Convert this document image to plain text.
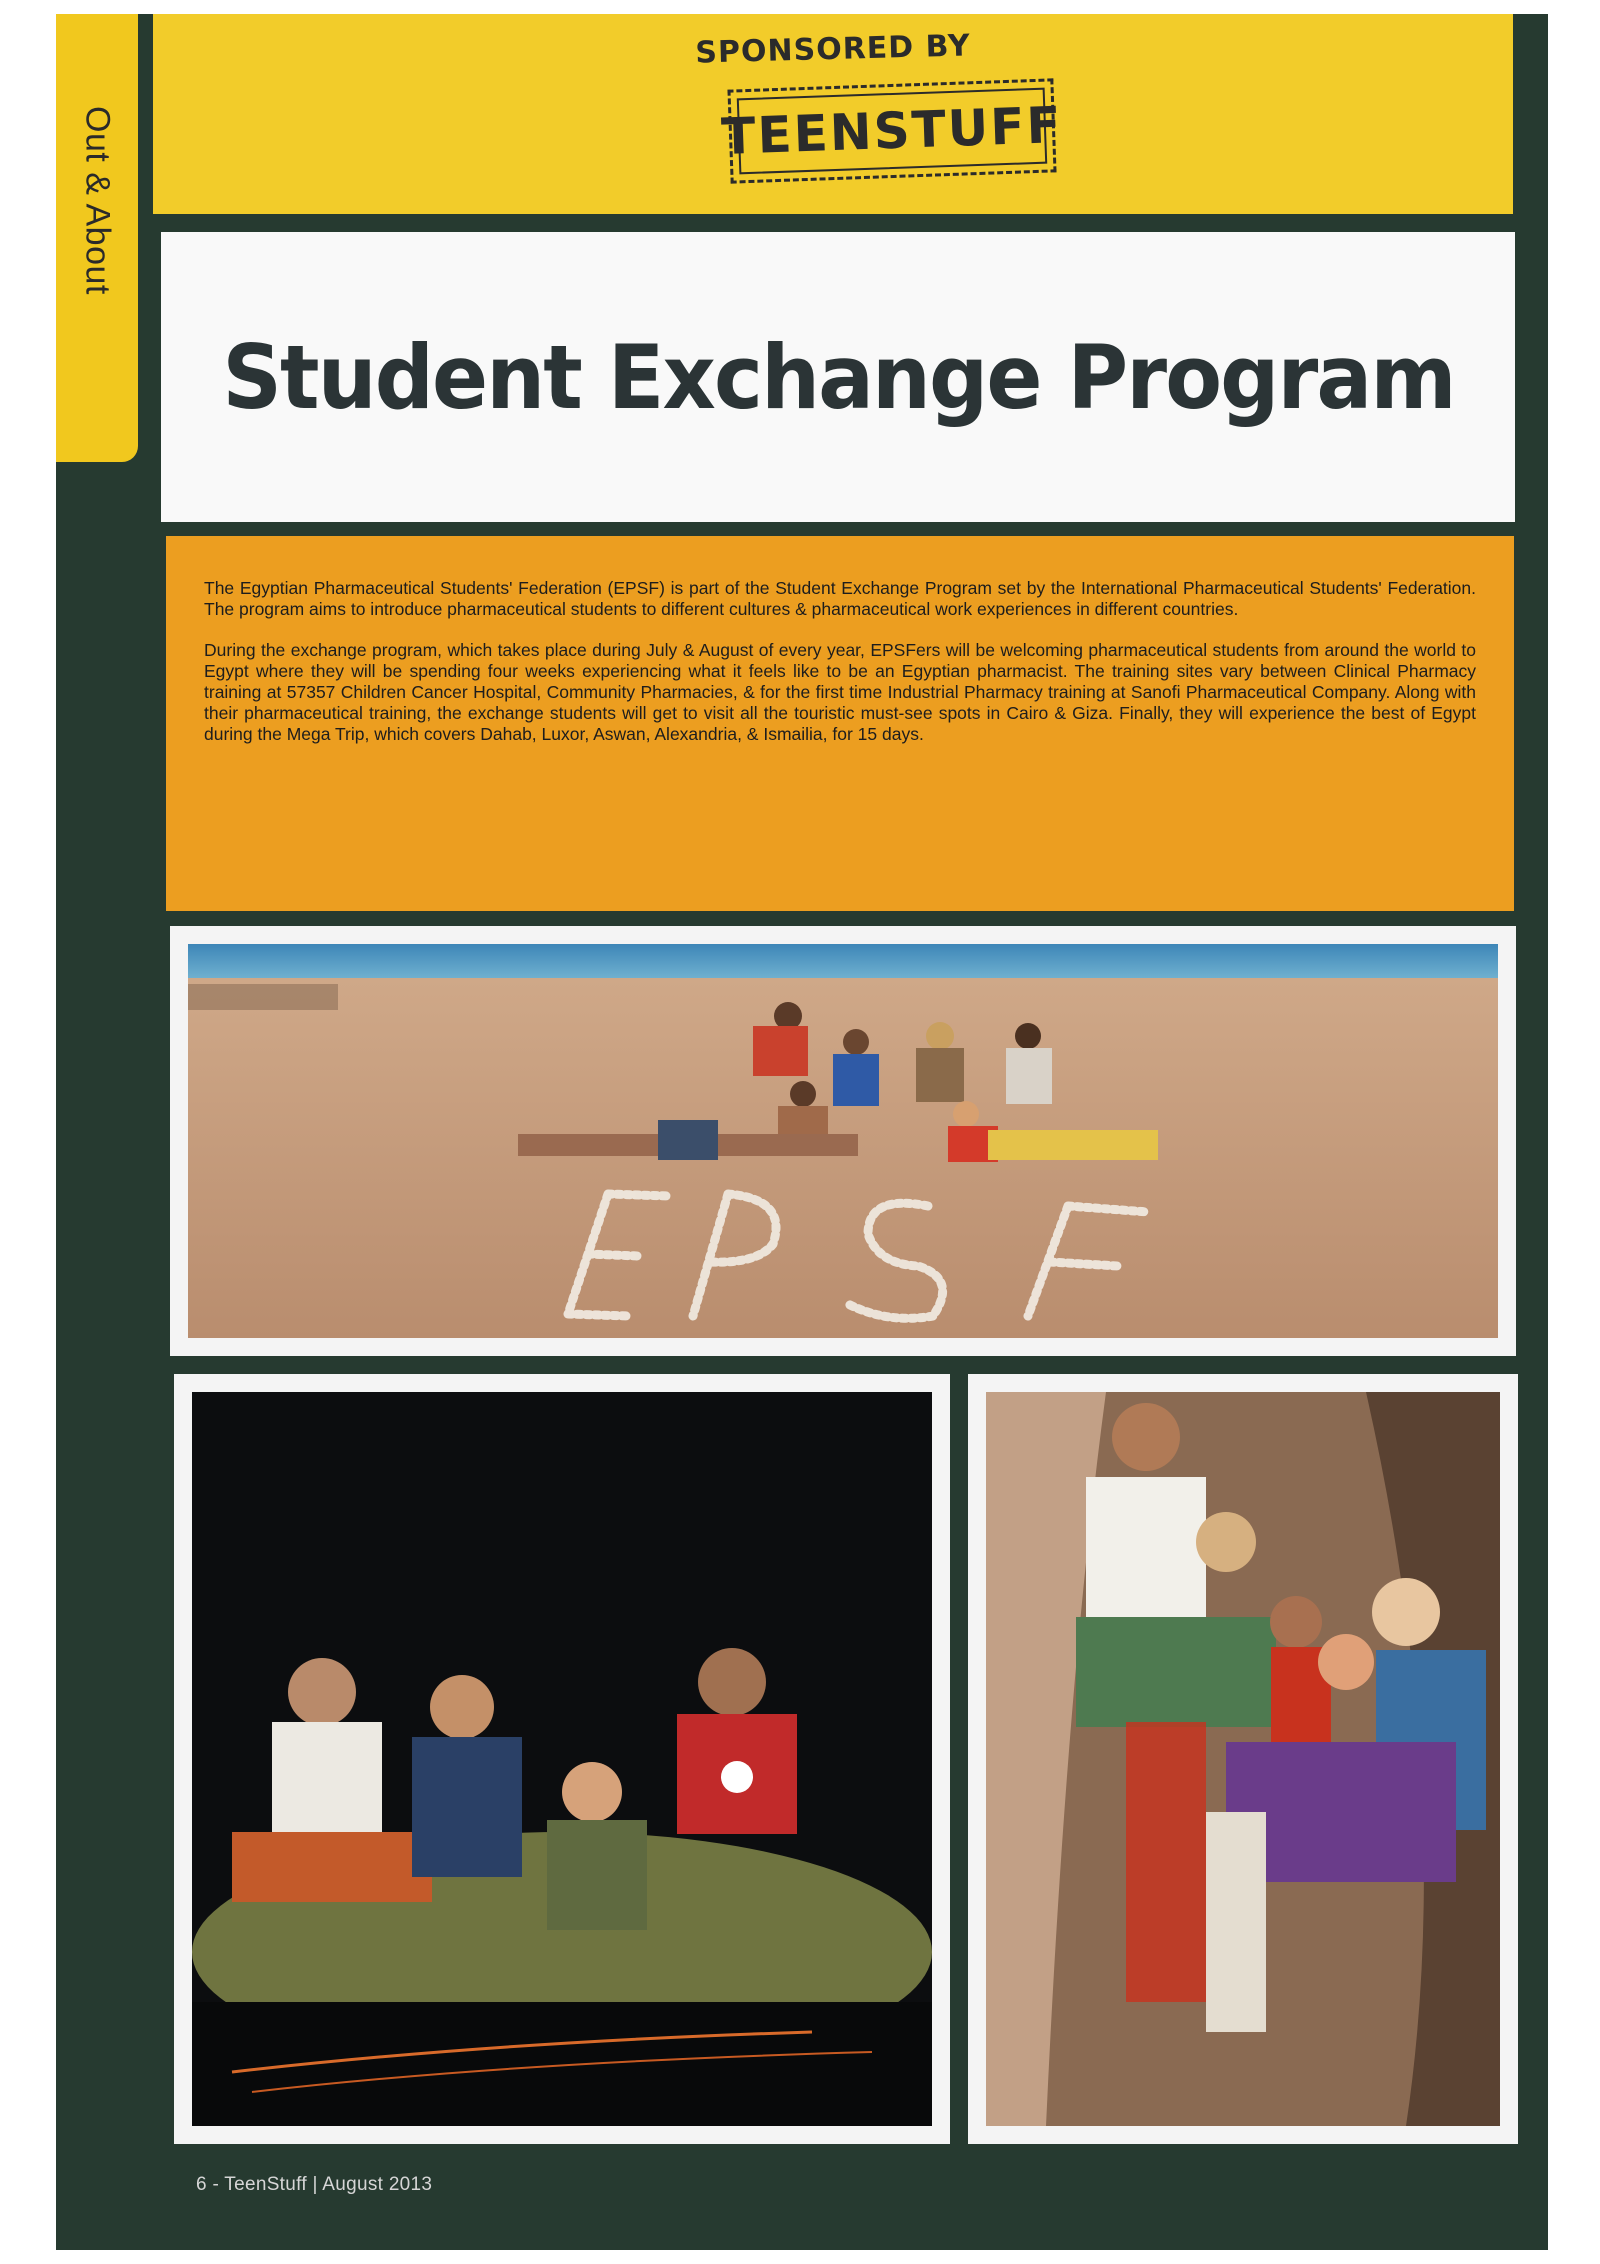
Out & About
SPONSORED BY
TEENSTUFF
Student Exchange Program

The Egyptian Pharmaceutical Students' Federation (EPSF) is part of the Student Exchange Program set by the International Pharmaceutical Students' Federation. The program aims to introduce pharmaceutical students to different cultures & pharmaceutical work experiences in different countries.

During the exchange program, which takes place during July & August of every year, EPSFers will be welcoming pharmaceutical students from around the world to Egypt where they will be spending four weeks experiencing what it feels like to be an Egyptian pharmacist. The training sites vary between Clinical Pharmacy training at 57357 Children Cancer Hospital, Community Pharmacies, & for the first time Industrial Pharmacy training at Sanofi Pharmaceutical Company. Along with their pharmaceutical training, the exchange students will get to visit all the touristic must-see spots in Cairo & Giza. Finally, they will experience the best of Egypt during the Mega Trip, which covers Dahab, Luxor, Aswan, Alexandria, & Ismailia, for 15 days.

6 - TeenStuff | August 2013
